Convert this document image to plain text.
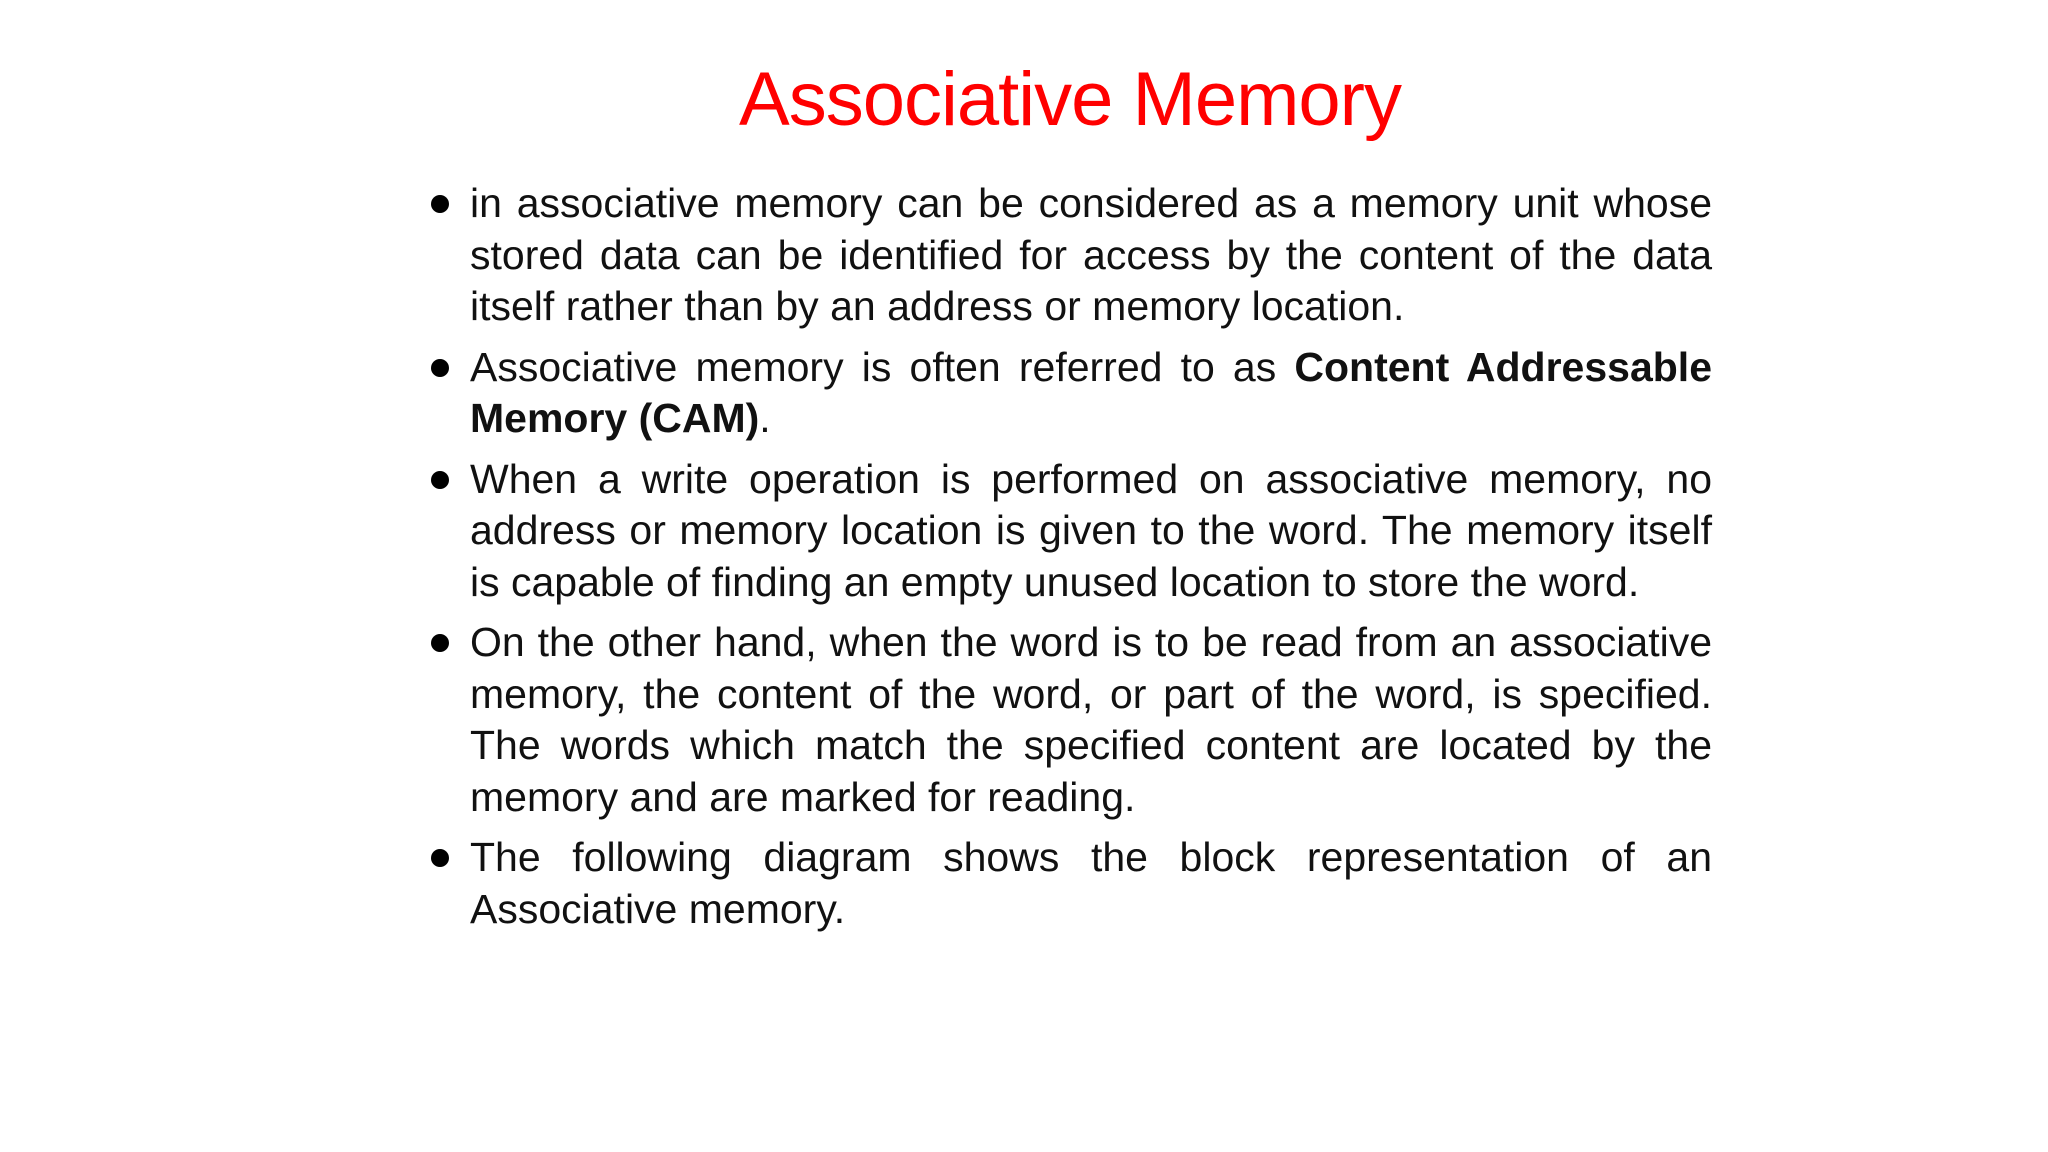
Associative Memory
in associative memory can be considered as a memory unit whose stored data can be identified for access by the content of the data itself rather than by an address or memory location.
Associative memory is often referred to as Content Addressable Memory (CAM).
When a write operation is performed on associative memory, no address or memory location is given to the word. The memory itself is capable of finding an empty unused location to store the word.
On the other hand, when the word is to be read from an associative memory, the content of the word, or part of the word, is specified. The words which match the specified content are located by the memory and are marked for reading.
The following diagram shows the block representation of an Associative memory.
